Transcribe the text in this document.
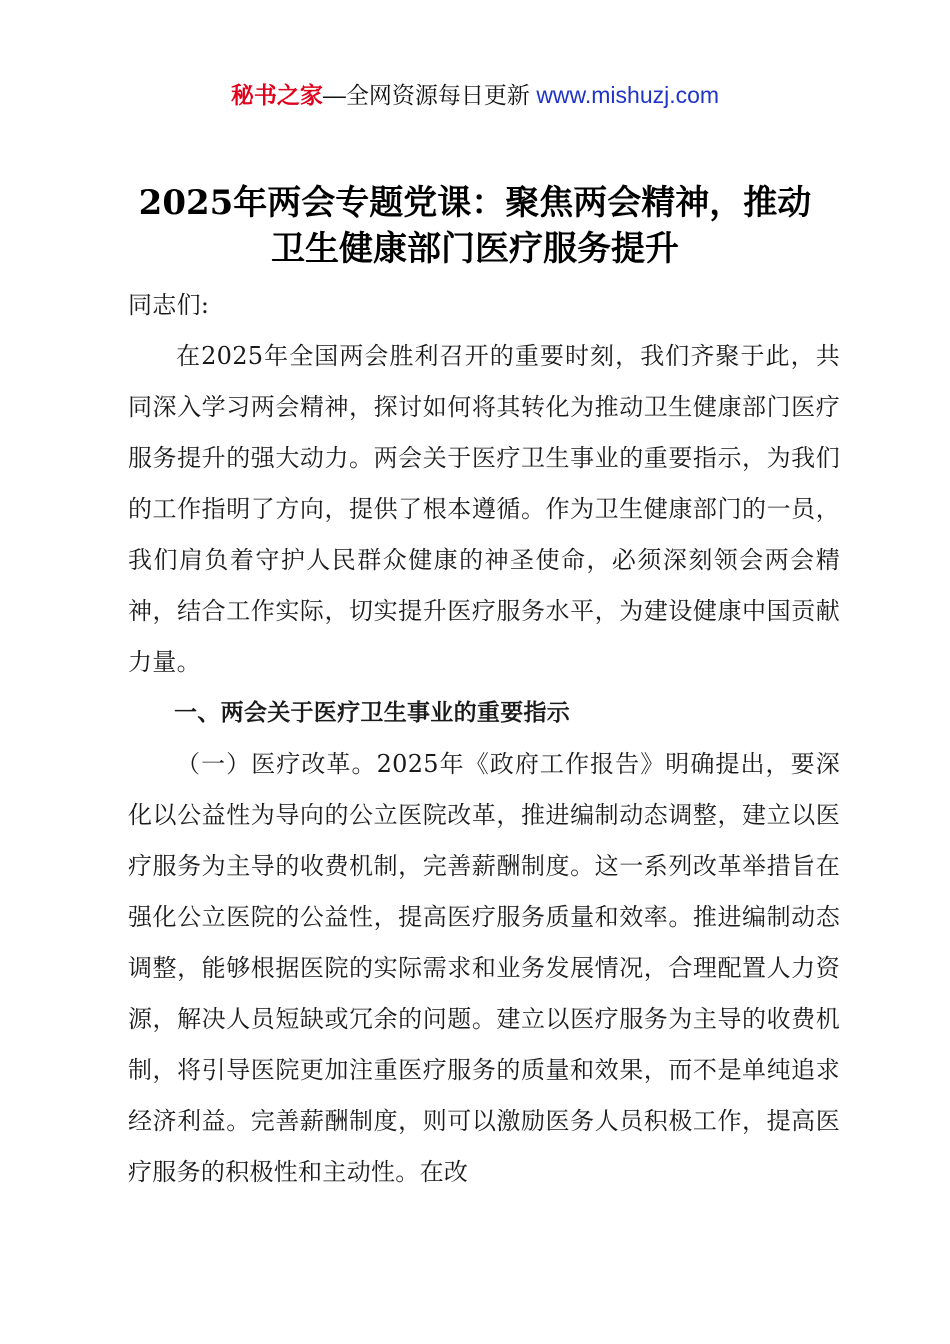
秘书之家—全网资源每日更新 www.mishuzj.com
2025年两会专题党课：聚焦两会精神，推动
卫生健康部门医疗服务提升

同志们:

在2025年全国两会胜利召开的重要时刻，我们齐聚于此，共同深入学习两会精神，探讨如何将其转化为推动卫生健康部门医疗服务提升的强大动力。两会关于医疗卫生事业的重要指示，为我们的工作指明了方向，提供了根本遵循。作为卫生健康部门的一员，我们肩负着守护人民群众健康的神圣使命，必须深刻领会两会精神，结合工作实际，切实提升医疗服务水平，为建设健康中国贡献力量。

一、两会关于医疗卫生事业的重要指示

（一）医疗改革。2025年《政府工作报告》明确提出，要深化以公益性为导向的公立医院改革，推进编制动态调整，建立以医疗服务为主导的收费机制，完善薪酬制度。这一系列改革举措旨在强化公立医院的公益性，提高医疗服务质量和效率。推进编制动态调整，能够根据医院的实际需求和业务发展情况，合理配置人力资源，解决人员短缺或冗余的问题。建立以医疗服务为主导的收费机制，将引导医院更加注重医疗服务的质量和效果，而不是单纯追求经济利益。完善薪酬制度，则可以激励医务人员积极工作，提高医疗服务的积极性和主动性。在改
